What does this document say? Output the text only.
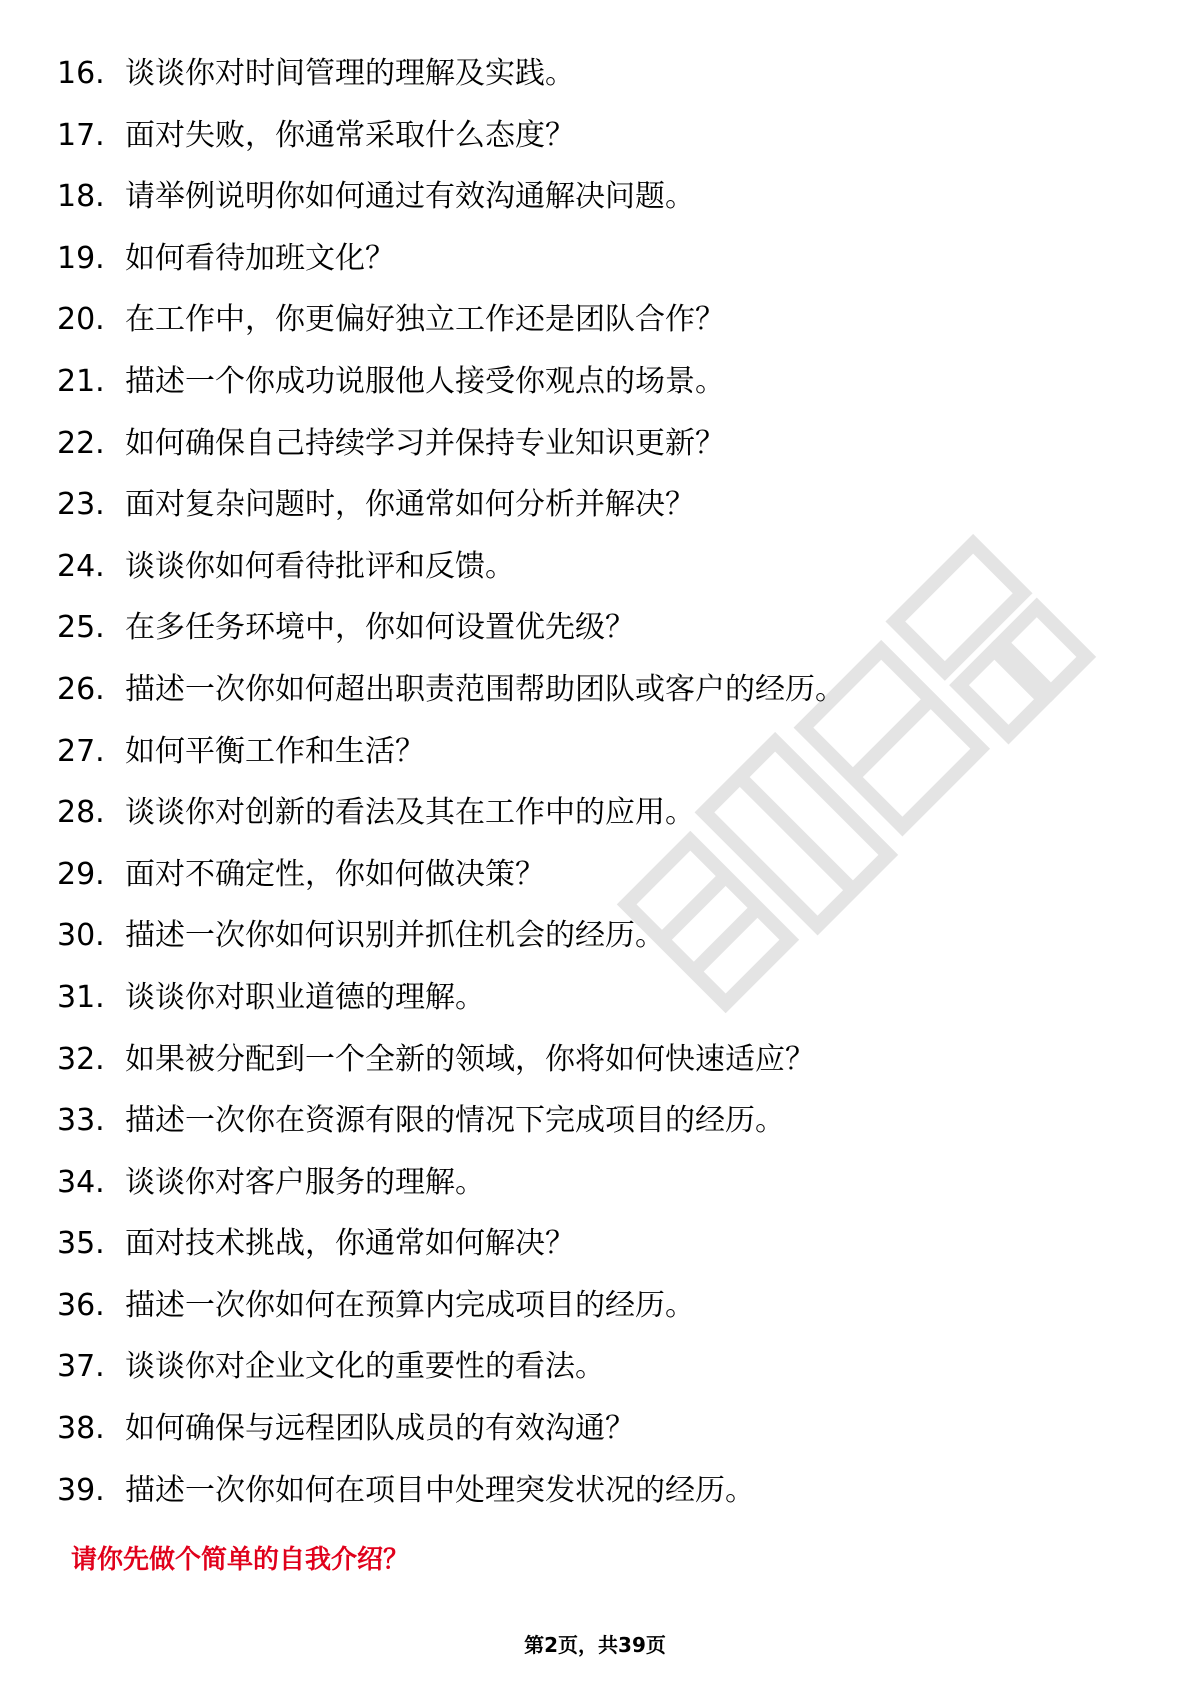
16. 谈谈你对时间管理的理解及实践。
17. 面对失败，你通常采取什么态度？
18. 请举例说明你如何通过有效沟通解决问题。
19. 如何看待加班文化？
20. 在工作中，你更偏好独立工作还是团队合作？
21. 描述一个你成功说服他人接受你观点的场景。
22. 如何确保自己持续学习并保持专业知识更新？
23. 面对复杂问题时，你通常如何分析并解决？
24. 谈谈你如何看待批评和反馈。
25. 在多任务环境中，你如何设置优先级？
26. 描述一次你如何超出职责范围帮助团队或客户的经历。
27. 如何平衡工作和生活？
28. 谈谈你对创新的看法及其在工作中的应用。
29. 面对不确定性，你如何做决策？
30. 描述一次你如何识别并抓住机会的经历。
31. 谈谈你对职业道德的理解。
32. 如果被分配到一个全新的领域，你将如何快速适应？
33. 描述一次你在资源有限的情况下完成项目的经历。
34. 谈谈你对客户服务的理解。
35. 面对技术挑战，你通常如何解决？
36. 描述一次你如何在预算内完成项目的经历。
37. 谈谈你对企业文化的重要性的看法。
38. 如何确保与远程团队成员的有效沟通？
39. 描述一次你如何在项目中处理突发状况的经历。
请你先做个简单的自我介绍？
第2页，共39页
